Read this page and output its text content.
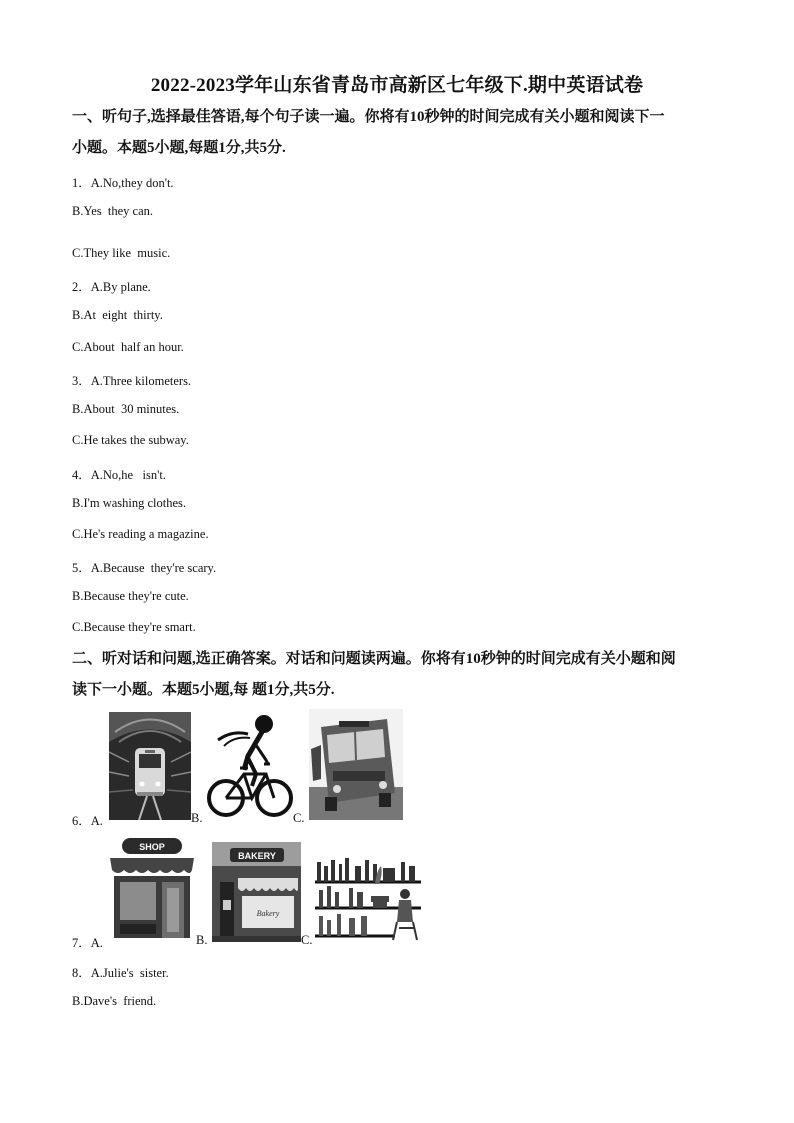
2022-2023学年山东省青岛市高新区七年级下.期中英语试卷
一、听句子,选择最佳答语,每个句子读一遍。你将有10秒钟的时间完成有关小题和阅读下一
小题。本题5小题,每题1分,共5分.
1．A.No,they don't.
B.Yes  they can.
C.They like  music.
2．A.By plane.
B.At  eight  thirty.
C.About  half an hour.
3．A.Three kilometers.
B.About  30 minutes.
C.He takes the subway.
4．A.No,he   isn't.
B.I'm washing clothes.
C.He's reading a magazine.
5．A.Because  they're scary.
B.Because they're cute.
C.Because they're smart.
二、听对话和问题,选正确答案。对话和问题读两遍。你将有10秒钟的时间完成有关小题和阅
读下一小题。本题5小题,每 题1分,共5分.
6．A.	B.	C.
7．A.
SHOP
B.
BAKERY
Bakery
C.
8．A.Julie's  sister.
B.Dave's  friend.
